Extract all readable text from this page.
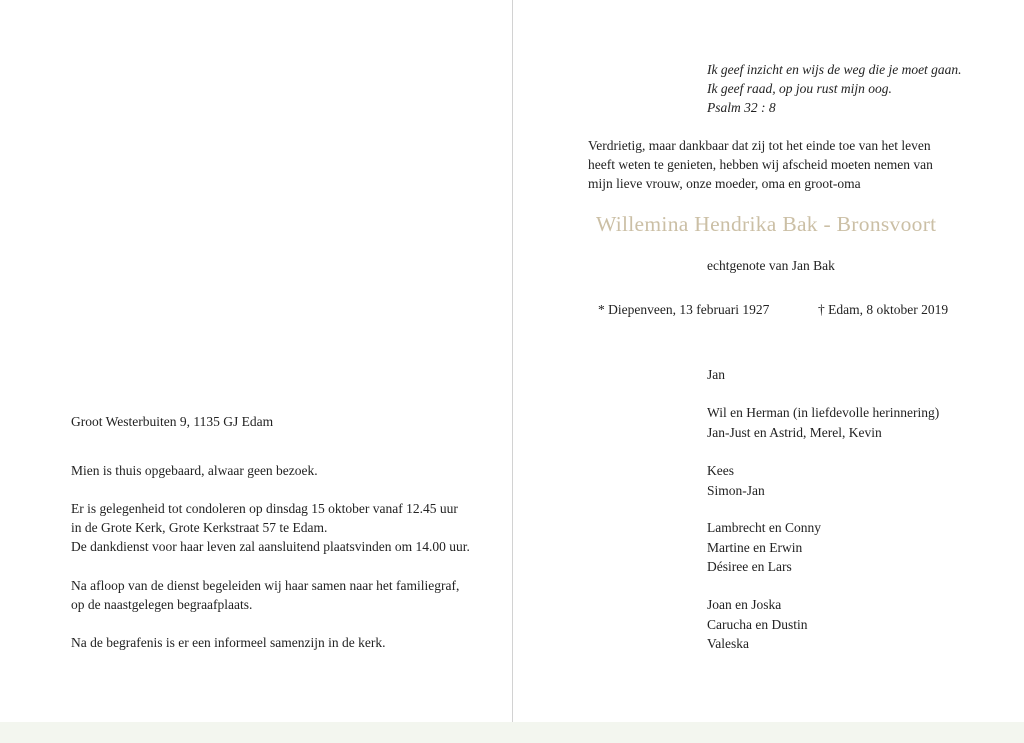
Groot Westerbuiten 9, 1135 GJ Edam
Mien is thuis opgebaard, alwaar geen bezoek.
Er is gelegenheid tot condoleren op dinsdag 15 oktober vanaf 12.45 uur
in de Grote Kerk, Grote Kerkstraat 57 te Edam.
De dankdienst voor haar leven zal aansluitend plaatsvinden om 14.00 uur.
Na afloop van de dienst begeleiden wij haar samen naar het familiegraf,
op de naastgelegen begraafplaats.
Na de begrafenis is er een informeel samenzijn in de kerk.
Ik geef inzicht en wijs de weg die je moet gaan.
Ik geef raad, op jou rust mijn oog.
Psalm 32 : 8
Verdrietig, maar dankbaar dat zij tot het einde toe van het leven
heeft weten te genieten, hebben wij afscheid moeten nemen van
mijn lieve vrouw, onze moeder, oma en groot-oma
Willemina Hendrika Bak - Bronsvoort
echtgenote van Jan Bak
* Diepenveen, 13 februari 1927	† Edam, 8 oktober 2019
Jan
Wil en Herman (in liefdevolle herinnering)
Jan-Just en Astrid, Merel, Kevin
Kees
Simon-Jan
Lambrecht en Conny
Martine en Erwin
Désiree en Lars
Joan en Joska
Carucha en Dustin
Valeska
